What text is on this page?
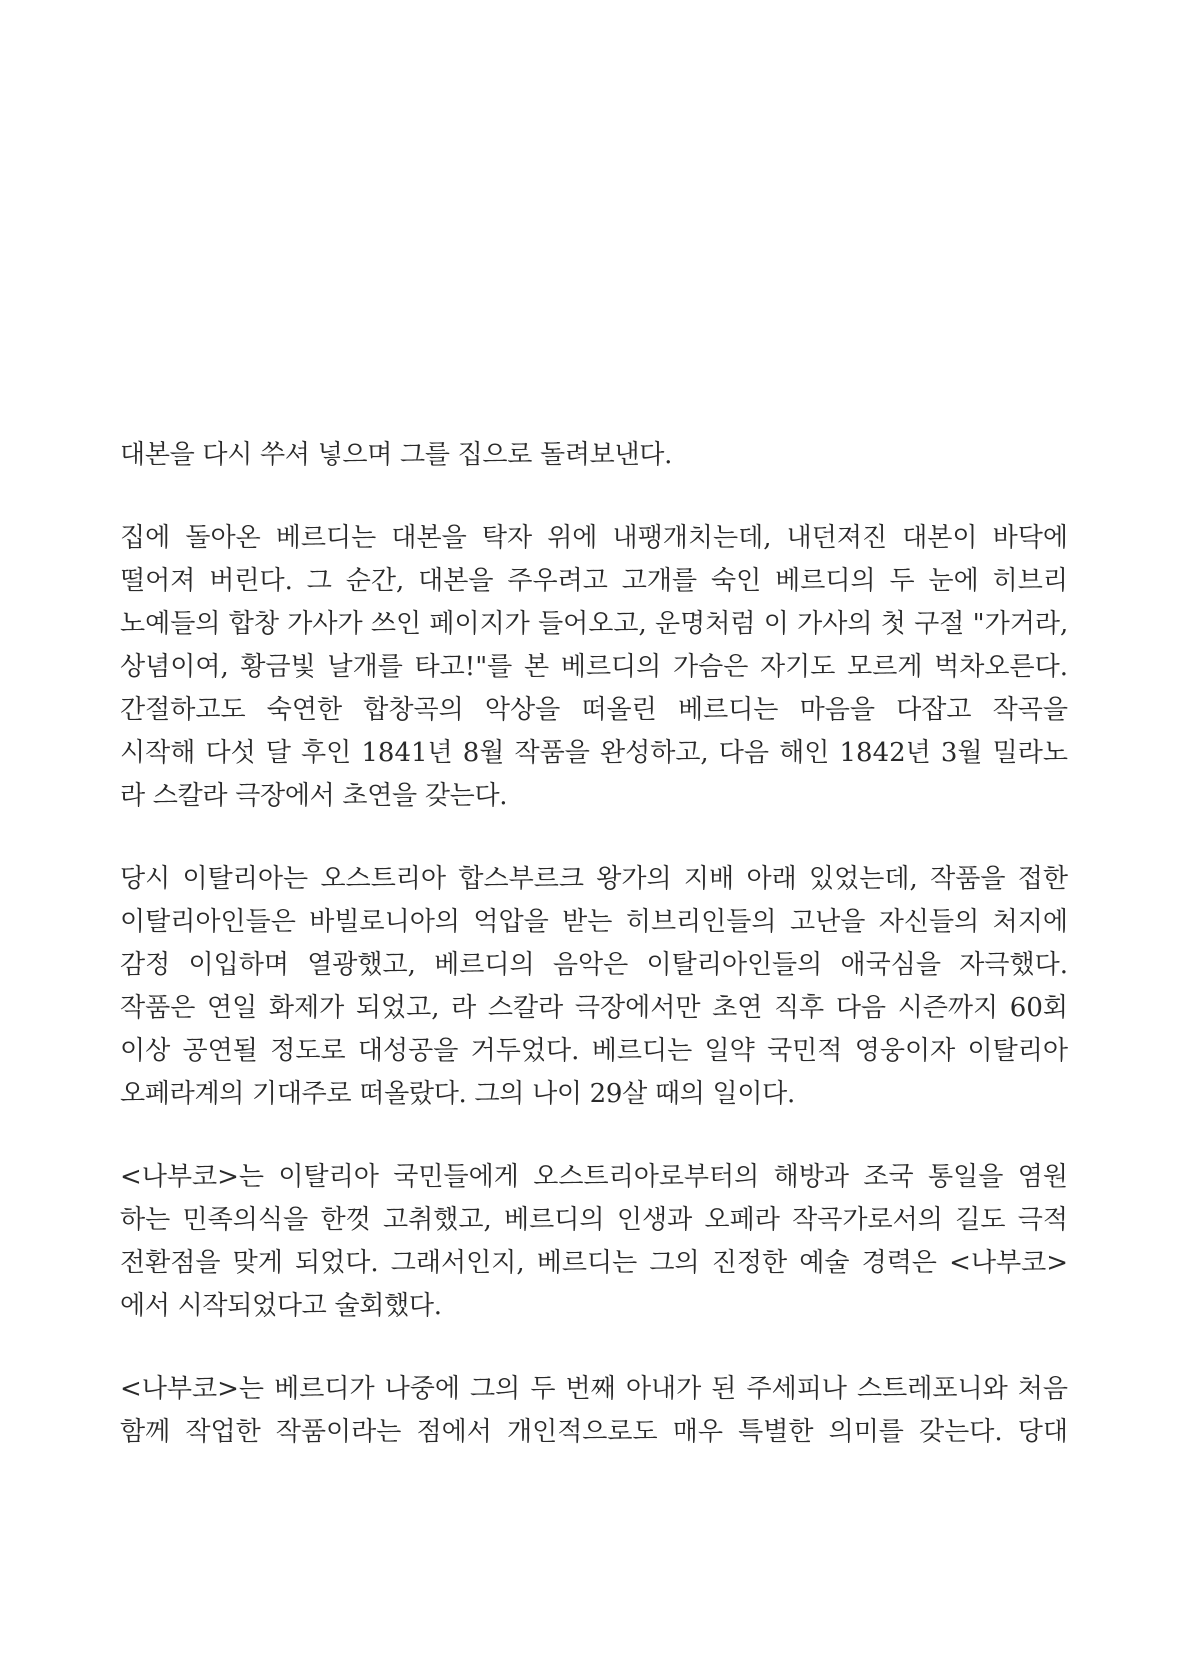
대본을 다시 쑤셔 넣으며 그를 집으로 돌려보낸다.

집에 돌아온 베르디는 대본을 탁자 위에 내팽개치는데, 내던져진 대본이 바닥에
떨어져 버린다. 그 순간, 대본을 주우려고 고개를 숙인 베르디의 두 눈에 히브리
노예들의 합창 가사가 쓰인 페이지가 들어오고, 운명처럼 이 가사의 첫 구절 "가거라,
상념이여, 황금빛 날개를 타고!"를 본 베르디의 가슴은 자기도 모르게 벅차오른다.
간절하고도 숙연한 합창곡의 악상을 떠올린 베르디는 마음을 다잡고 작곡을
시작해 다섯 달 후인 1841년 8월 작품을 완성하고, 다음 해인 1842년 3월 밀라노
라 스칼라 극장에서 초연을 갖는다.

당시 이탈리아는 오스트리아 합스부르크 왕가의 지배 아래 있었는데, 작품을 접한
이탈리아인들은 바빌로니아의 억압을 받는 히브리인들의 고난을 자신들의 처지에
감정 이입하며 열광했고, 베르디의 음악은 이탈리아인들의 애국심을 자극했다.
작품은 연일 화제가 되었고, 라 스칼라 극장에서만 초연 직후 다음 시즌까지 60회
이상 공연될 정도로 대성공을 거두었다. 베르디는 일약 국민적 영웅이자 이탈리아
오페라계의 기대주로 떠올랐다. 그의 나이 29살 때의 일이다.

<나부코>는 이탈리아 국민들에게 오스트리아로부터의 해방과 조국 통일을 염원
하는 민족의식을 한껏 고취했고, 베르디의 인생과 오페라 작곡가로서의 길도 극적
전환점을 맞게 되었다. 그래서인지, 베르디는 그의 진정한 예술 경력은 <나부코>
에서 시작되었다고 술회했다.

<나부코>는 베르디가 나중에 그의 두 번째 아내가 된 주세피나 스트레포니와 처음
함께 작업한 작품이라는 점에서 개인적으로도 매우 특별한 의미를 갖는다. 당대
